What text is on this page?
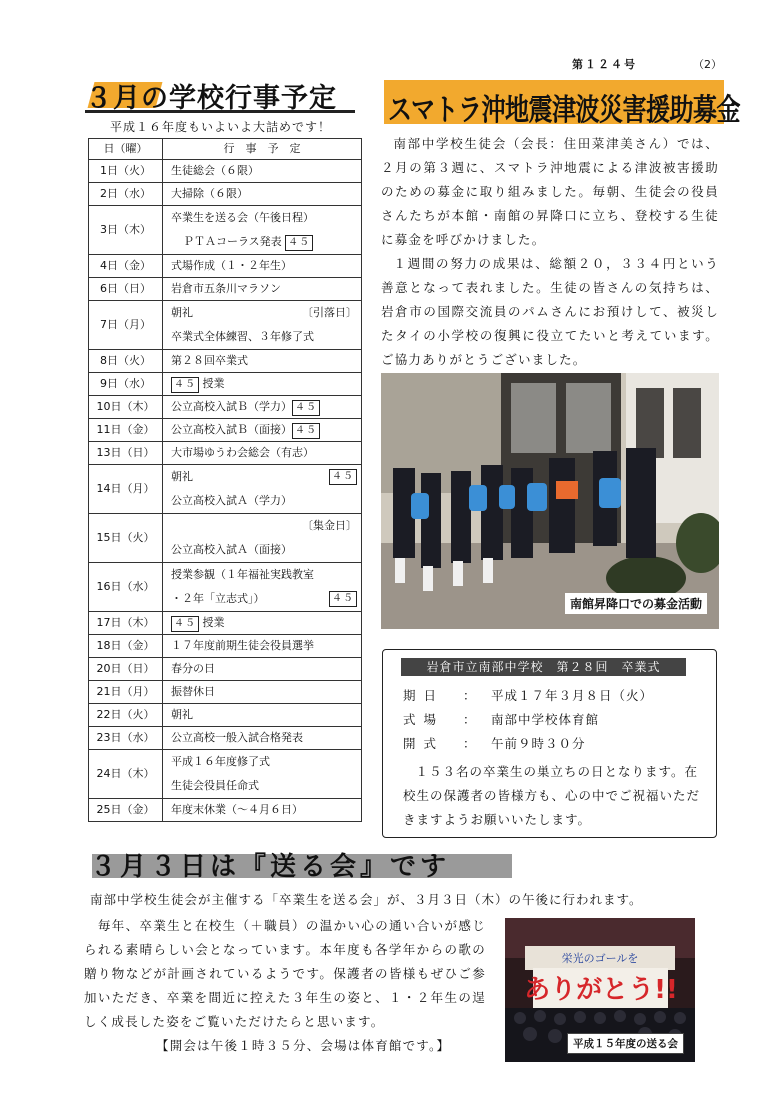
第１２４号	（2）
３月の学校行事予定
平成１６年度もいよいよ大詰めです！
日（曜）	行　事　予　定
1日（火）	生徒総会（６限）
2日（水）	大掃除（６限）
3日（木）	卒業生を送る会（午後日程）
ＰＴＡコーラス発表 ４５

4日（金）	式場作成（１・２年生）
6日（日）	岩倉市五条川マラソン
7日（月）	朝礼 〔引落日〕
卒業式全体練習、３年修了式

8日（火）	第２８回卒業式
9日（水）	４５ 授業
10日（木）	公立高校入試Ｂ（学力） ４５
11日（金）	公立高校入試Ｂ（面接） ４５
13日（日）	大市場ゆうわ会総会（有志）
14日（月）	朝礼 ４５
公立高校入試Ａ（学力）

15日（火）	〔集金日〕
公立高校入試Ａ（面接）

16日（水）	授業参観（１年福祉実践教室
・２年「立志式」） ４５

17日（木）	４５ 授業
18日（金）	１７年度前期生徒会役員選挙
20日（日）	春分の日
21日（月）	振替休日
22日（火）	朝礼
23日（水）	公立高校一般入試合格発表
24日（木）	平成１６年度修了式
生徒会役員任命式

25日（金）	年度末休業（～４月６日）
スマトラ沖地震津波災害援助募金

南部中学校生徒会（会長：住田菜津美さん）では、２月の第３週に、スマトラ沖地震による津波被害援助のための募金に取り組みました。毎朝、生徒会の役員さんたちが本館・南館の昇降口に立ち、登校する生徒に募金を呼びかけました。

１週間の努力の成果は、総額２０，３３４円という善意となって表れました。生徒の皆さんの気持ちは、岩倉市の国際交流員のパムさんにお預けして、被災したタイの小学校の復興に役立てたいと考えています。ご協力ありがとうございました。

南館昇降口での募金活動
岩倉市立南部中学校　第２８回　卒業式
期日 ： 平成１７年３月８日（火）
式場 ： 南部中学校体育館
開式 ： 午前９時３０分

１５３名の卒業生の巣立ちの日となります。在校生の保護者の皆様方も、心の中でご祝福いただきますようお願いいたします。

３月３日は『送る会』です
南部中学校生徒会が主催する「卒業生を送る会」が、３月３日（木）の午後に行われます。

　毎年、卒業生と在校生（＋職員）の温かい心の通い合いが感じられる素晴らしい会となっています。本年度も各学年からの歌の贈り物などが計画されているようです。保護者の皆様もぜひご参加いただき、卒業を間近に控えた３年生の姿と、１・２年生の逞しく成長した姿をご覧いただけたらと思います。

【開会は午後１時３５分、会場は体育館です。】

栄光のゴールを
ありがとう!!
平成１５年度の送る会
